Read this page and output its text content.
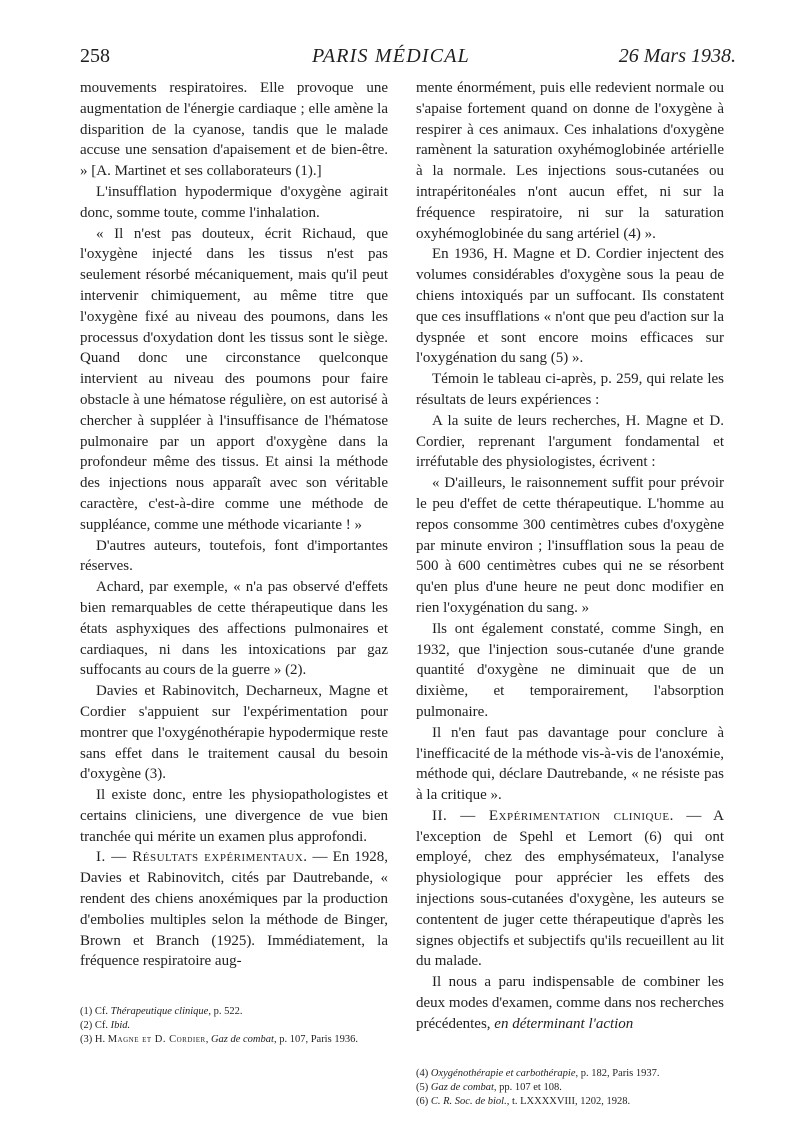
258	PARIS MÉDICAL	26 Mars 1938.

mouvements respiratoires. Elle provoque une augmentation de l'énergie cardiaque ; elle amène la disparition de la cyanose, tandis que le malade accuse une sensation d'apaisement et de bien-être. » [A. Martinet et ses collaborateurs (1).]

L'insufflation hypodermique d'oxygène agirait donc, somme toute, comme l'inhalation.

« Il n'est pas douteux, écrit Richaud, que l'oxygène injecté dans les tissus n'est pas seulement résorbé mécaniquement, mais qu'il peut intervenir chimiquement, au même titre que l'oxygène fixé au niveau des poumons, dans les processus d'oxydation dont les tissus sont le siège. Quand donc une circonstance quelconque intervient au niveau des poumons pour faire obstacle à une hématose régulière, on est autorisé à chercher à suppléer à l'insuffisance de l'hématose pulmonaire par un apport d'oxygène dans la profondeur même des tissus. Et ainsi la méthode des injections nous apparaît avec son véritable caractère, c'est-à-dire comme une méthode de suppléance, comme une méthode vicariante ! »

D'autres auteurs, toutefois, font d'importantes réserves.

Achard, par exemple, « n'a pas observé d'effets bien remarquables de cette thérapeutique dans les états asphyxiques des affections pulmonaires et cardiaques, ni dans les intoxications par gaz suffocants au cours de la guerre » (2).

Davies et Rabinovitch, Decharneux, Magne et Cordier s'appuient sur l'expérimentation pour montrer que l'oxygénothérapie hypodermique reste sans effet dans le traitement causal du besoin d'oxygène (3).

Il existe donc, entre les physiopathologistes et certains cliniciens, une divergence de vue bien tranchée qui mérite un examen plus approfondi.

I. — Résultats expérimentaux. — En 1928, Davies et Rabinovitch, cités par Dautrebande, « rendent des chiens anoxémiques par la production d'embolies multiples selon la méthode de Binger, Brown et Branch (1925). Immédiatement, la fréquence respiratoire aug-

mente énormément, puis elle redevient normale ou s'apaise fortement quand on donne de l'oxygène à respirer à ces animaux. Ces inhalations d'oxygène ramènent la saturation oxyhémoglobinée artérielle à la normale. Les injections sous-cutanées ou intrapéritonéales n'ont aucun effet, ni sur la fréquence respiratoire, ni sur la saturation oxyhémoglobinée du sang artériel (4) ».

En 1936, H. Magne et D. Cordier injectent des volumes considérables d'oxygène sous la peau de chiens intoxiqués par un suffocant. Ils constatent que ces insufflations « n'ont que peu d'action sur la dyspnée et sont encore moins efficaces sur l'oxygénation du sang (5) ».

Témoin le tableau ci-après, p. 259, qui relate les résultats de leurs expériences :

A la suite de leurs recherches, H. Magne et D. Cordier, reprenant l'argument fondamental et irréfutable des physiologistes, écrivent :

« D'ailleurs, le raisonnement suffit pour prévoir le peu d'effet de cette thérapeutique. L'homme au repos consomme 300 centimètres cubes d'oxygène par minute environ ; l'insufflation sous la peau de 500 à 600 centimètres cubes qui ne se résorbent qu'en plus d'une heure ne peut donc modifier en rien l'oxygénation du sang. »

Ils ont également constaté, comme Singh, en 1932, que l'injection sous-cutanée d'une grande quantité d'oxygène ne diminuait que de un dixième, et temporairement, l'absorption pulmonaire.

Il n'en faut pas davantage pour conclure à l'inefficacité de la méthode vis-à-vis de l'anoxémie, méthode qui, déclare Dautrebande, « ne résiste pas à la critique ».

II. — Expérimentation clinique. — A l'exception de Spehl et Lemort (6) qui ont employé, chez des emphysémateux, l'analyse physiologique pour apprécier les effets des injections sous-cutanées d'oxygène, les auteurs se contentent de juger cette thérapeutique d'après les signes objectifs et subjectifs qu'ils recueillent au lit du malade.

Il nous a paru indispensable de combiner les deux modes d'examen, comme dans nos recherches précédentes, en déterminant l'action

(1) Cf. Thérapeutique clinique, p. 522.
(2) Cf. Ibid.
(3) H. Magne et D. Cordier, Gaz de combat, p. 107, Paris 1936.
(4) Oxygénothérapie et carbothérapie, p. 182, Paris 1937.
(5) Gaz de combat, pp. 107 et 108.
(6) C. R. Soc. de biol., t. LXXXXVIII, 1202, 1928.
